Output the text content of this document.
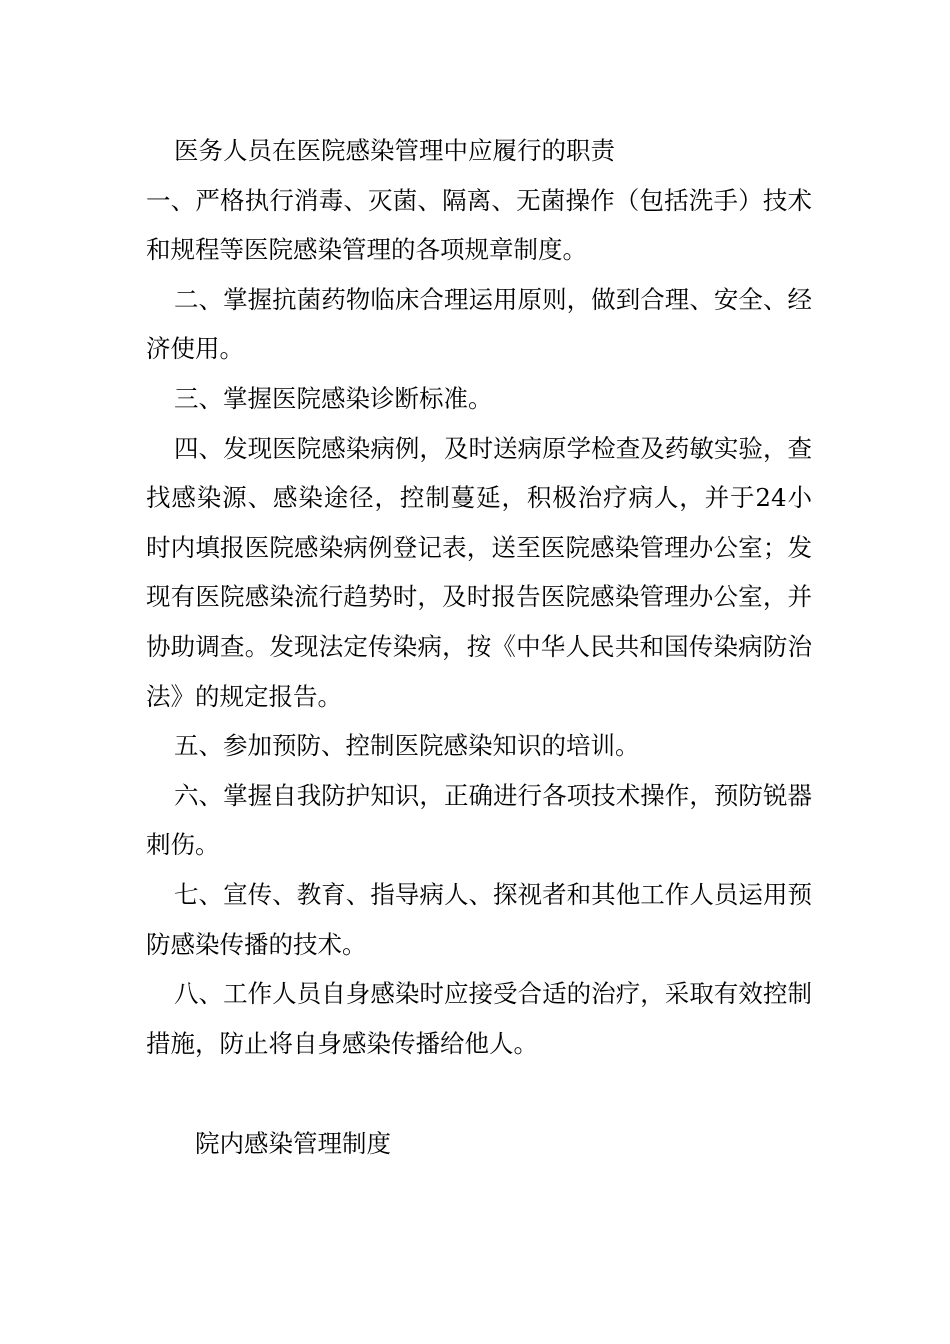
医务人员在医院感染管理中应履行的职责

一、严格执行消毒、灭菌、隔离、无菌操作（包括洗手）技术和规程等医院感染管理的各项规章制度。

二、掌握抗菌药物临床合理运用原则，做到合理、安全、经济使用。

三、掌握医院感染诊断标准。

四、发现医院感染病例，及时送病原学检查及药敏实验，查找感染源、感染途径，控制蔓延，积极治疗病人，并于24小时内填报医院感染病例登记表，送至医院感染管理办公室；发现有医院感染流行趋势时，及时报告医院感染管理办公室，并协助调查。发现法定传染病，按《中华人民共和国传染病防治法》的规定报告。

五、参加预防、控制医院感染知识的培训。

六、掌握自我防护知识，正确进行各项技术操作，预防锐器刺伤。

七、宣传、教育、指导病人、探视者和其他工作人员运用预防感染传播的技术。

八、工作人员自身感染时应接受合适的治疗，采取有效控制措施，防止将自身感染传播给他人。

院内感染管理制度
